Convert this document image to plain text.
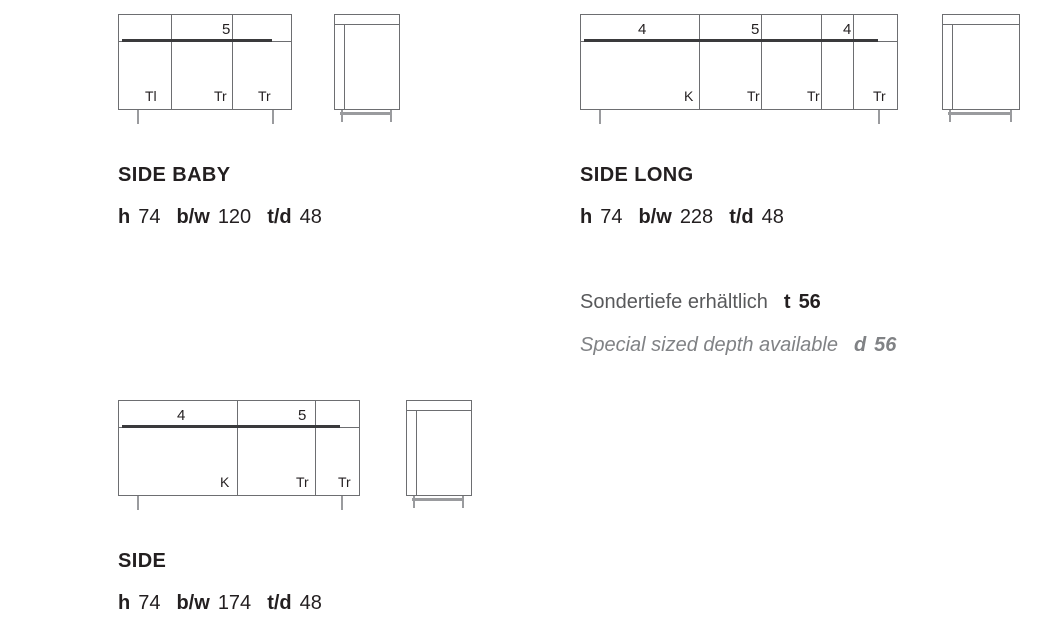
5
Tl	Tr Tr
SIDE BABY
h 74 b/w 120 t/d 48
4	5	4
K	Tr	Tr	Tr
SIDE LONG
h 74 b/w 228 t/d 48
Sondertiefe erhältlich t 56
Special sized depth available d 56
4	5
K	Tr Tr
SIDE
h 74 b/w 174 t/d 48
